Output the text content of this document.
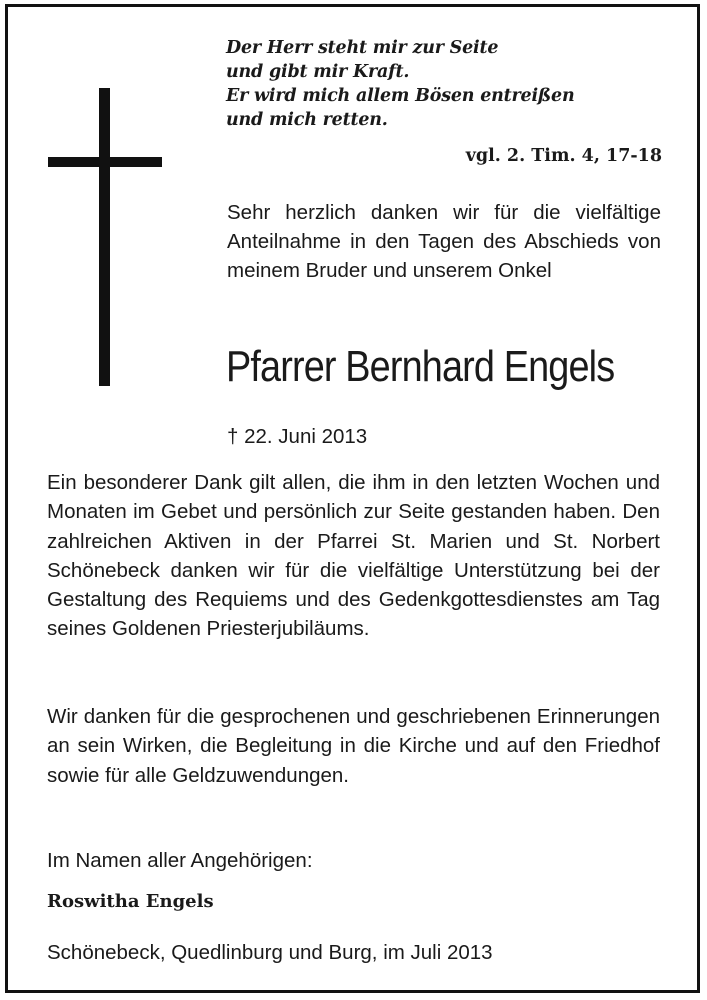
Der Herr steht mir zur Seite
und gibt mir Kraft.
Er wird mich allem Bösen entreißen
und mich retten.
vgl. 2. Tim. 4, 17-18
Sehr herzlich danken wir für die vielfältige Anteilnahme in den Tagen des Abschieds von meinem Bruder und unserem Onkel
Pfarrer Bernhard Engels
† 22. Juni 2013
Ein besonderer Dank gilt allen, die ihm in den letzten Wochen und Monaten im Gebet und persönlich zur Seite gestanden haben. Den zahlreichen Aktiven in der Pfarrei St. Marien und St. Norbert Schönebeck danken wir für die vielfältige Unterstützung bei der Gestaltung des Requiems und des Gedenkgottesdienstes am Tag seines Goldenen Priesterjubiläums.
Wir danken für die gesprochenen und geschriebenen Erinnerungen an sein Wirken, die Begleitung in die Kirche und auf den Friedhof sowie für alle Geldzuwendungen.
Im Namen aller Angehörigen:
Roswitha Engels
Schönebeck, Quedlinburg und Burg, im Juli 2013
